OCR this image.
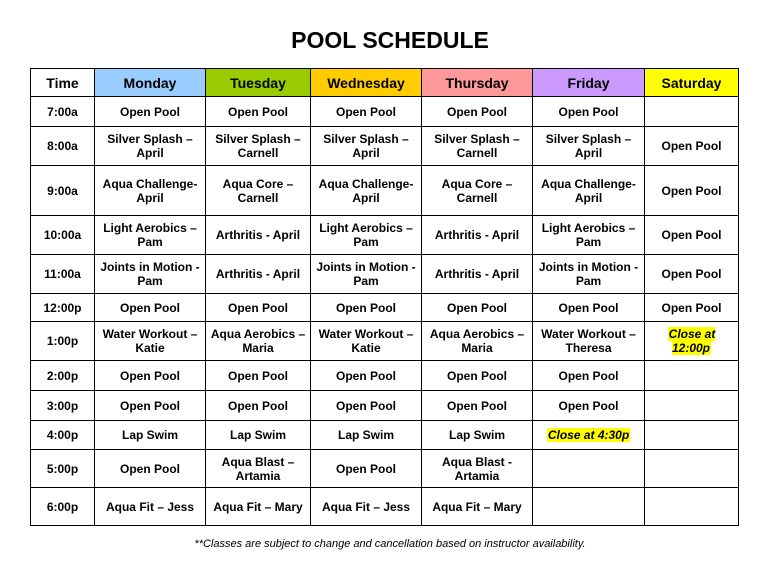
POOL SCHEDULE
Time	Monday	Tuesday	Wednesday	Thursday	Friday	Saturday
7:00a	Open Pool	Open Pool	Open Pool	Open Pool	Open Pool	
8:00a	Silver Splash – April	Silver Splash – Carnell	Silver Splash – April	Silver Splash – Carnell	Silver Splash – April	Open Pool
9:00a	Aqua Challenge- April	Aqua Core – Carnell	Aqua Challenge- April	Aqua Core – Carnell	Aqua Challenge- April	Open Pool
10:00a	Light Aerobics – Pam	Arthritis - April	Light Aerobics – Pam	Arthritis - April	Light Aerobics – Pam	Open Pool
11:00a	Joints in Motion - Pam	Arthritis - April	Joints in Motion - Pam	Arthritis - April	Joints in Motion - Pam	Open Pool
12:00p	Open Pool	Open Pool	Open Pool	Open Pool	Open Pool	Open Pool
1:00p	Water Workout – Katie	Aqua Aerobics – Maria	Water Workout – Katie	Aqua Aerobics – Maria	Water Workout – Theresa	Close at 12:00p
2:00p	Open Pool	Open Pool	Open Pool	Open Pool	Open Pool	
3:00p	Open Pool	Open Pool	Open Pool	Open Pool	Open Pool	
4:00p	Lap Swim	Lap Swim	Lap Swim	Lap Swim	Close at 4:30p	
5:00p	Open Pool	Aqua Blast – Artamia	Open Pool	Aqua Blast - Artamia		
6:00p	Aqua Fit – Jess	Aqua Fit – Mary	Aqua Fit – Jess	Aqua Fit – Mary		
**Classes are subject to change and cancellation based on instructor availability.
